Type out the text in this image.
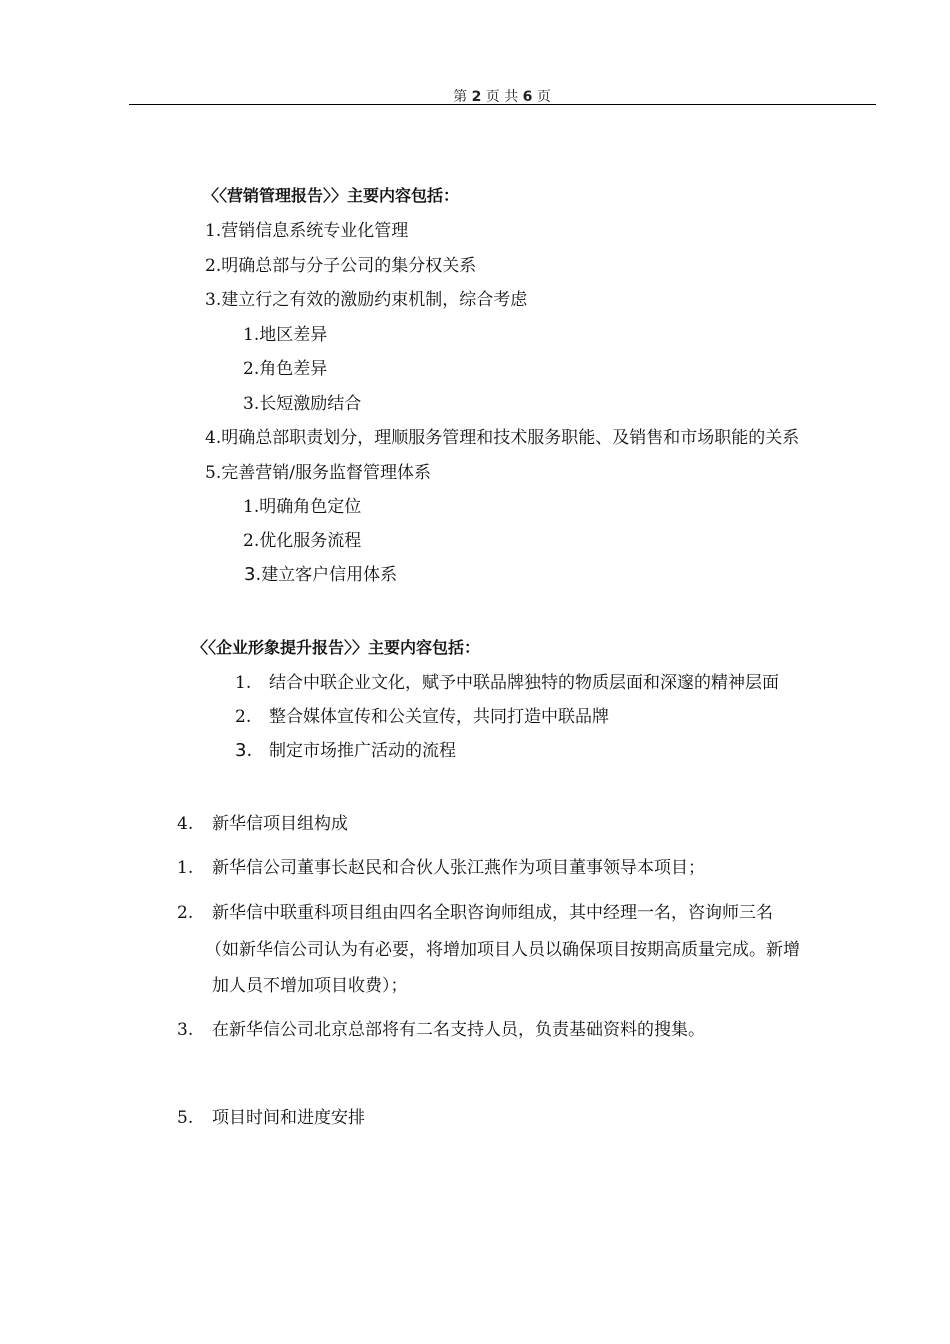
第 2 页 共 6 页
〈〈营销管理报告〉〉主要内容包括：
1.营销信息系统专业化管理
2.明确总部与分子公司的集分权关系
3.建立行之有效的激励约束机制，综合考虑
1.地区差异
2.角色差异
3.长短激励结合
4.明确总部职责划分，理顺服务管理和技术服务职能、及销售和市场职能的关系
5.完善营销/服务监督管理体系
1.明确角色定位
2.优化服务流程
3.建立客户信用体系
〈〈企业形象提升报告〉〉主要内容包括：
1. 结合中联企业文化，赋予中联品牌独特的物质层面和深邃的精神层面
2. 整合媒体宣传和公关宣传，共同打造中联品牌
3. 制定市场推广活动的流程
4. 新华信项目组构成
1. 新华信公司董事长赵民和合伙人张江燕作为项目董事领导本项目；
2. 新华信中联重科项目组由四名全职咨询师组成，其中经理一名，咨询师三名
（如新华信公司认为有必要，将增加项目人员以确保项目按期高质量完成。新增
加人员不增加项目收费）；
3. 在新华信公司北京总部将有二名支持人员，负责基础资料的搜集。
5. 项目时间和进度安排
